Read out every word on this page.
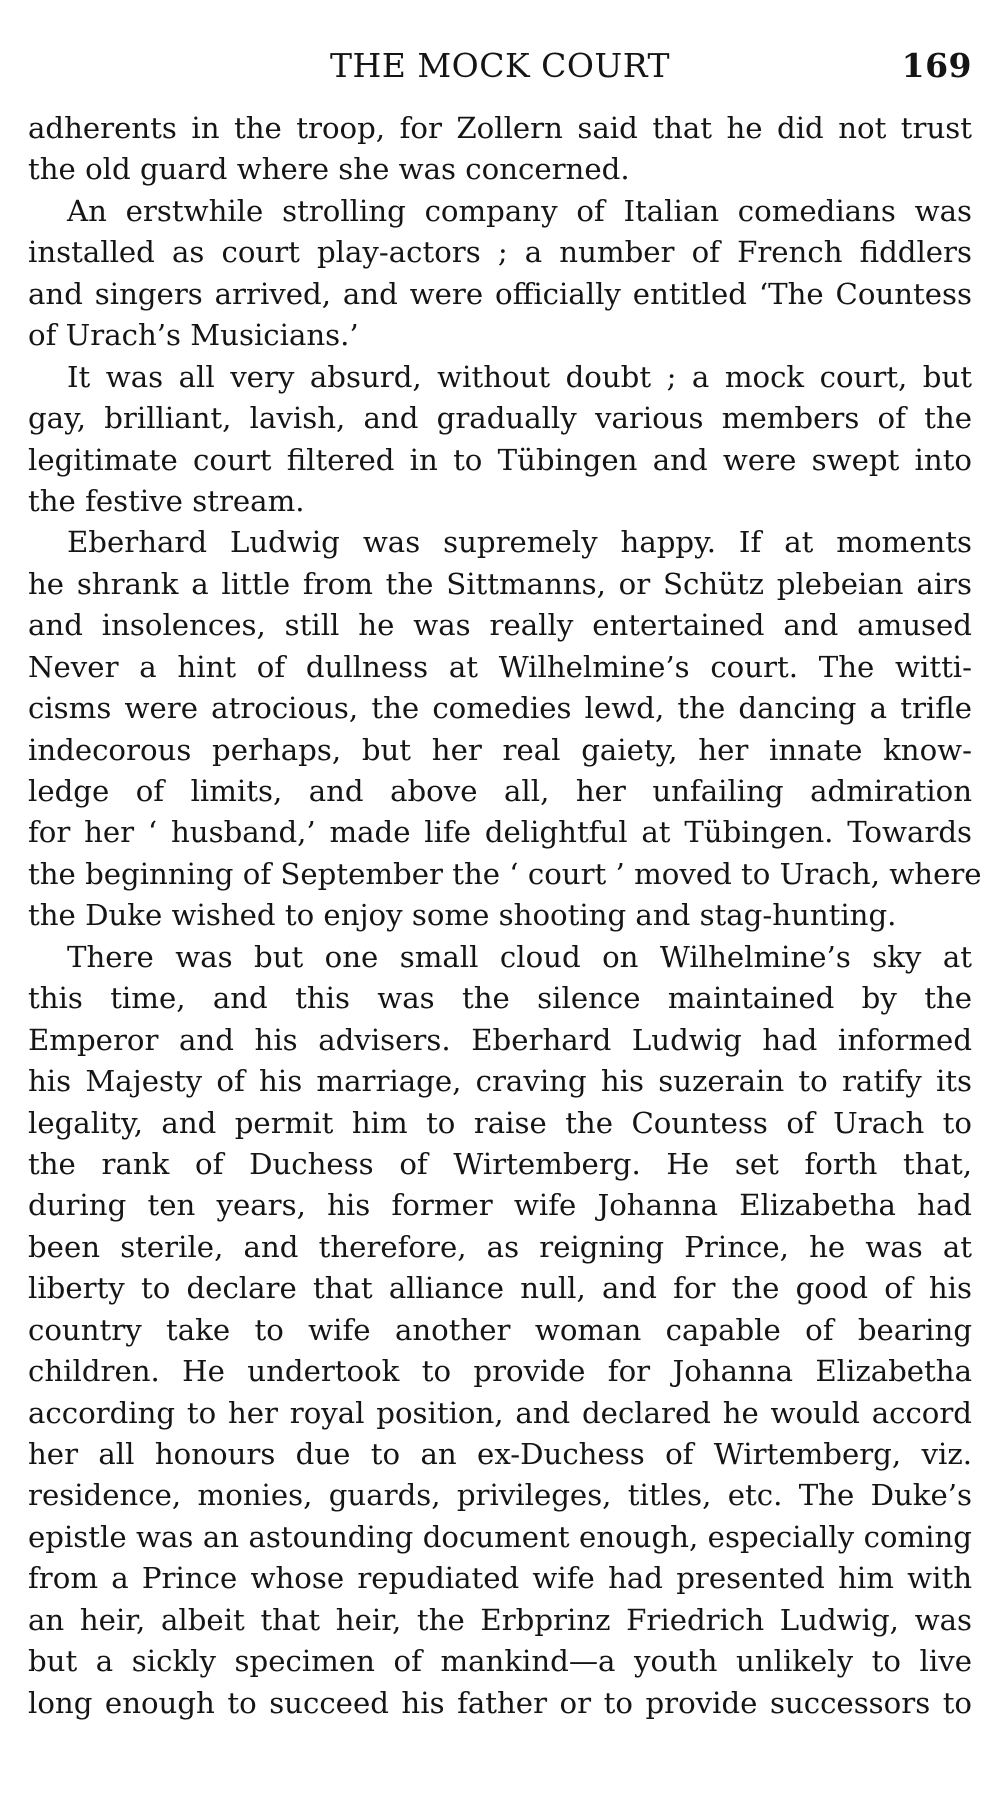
THE MOCK COURT	169
adherents in the troop, for Zollern said that he did not trust
the old guard where she was concerned.
An erstwhile strolling company of Italian comedians was
installed as court play-actors ; a number of French fiddlers
and singers arrived, and were officially entitled ‘The Countess
of Urach’s Musicians.’
It was all very absurd, without doubt ; a mock court, but
gay, brilliant, lavish, and gradually various members of the
legitimate court filtered in to Tübingen and were swept into
the festive stream.
Eberhard Ludwig was supremely happy. If at moments
he shrank a little from the Sittmanns, or Schütz plebeian airs
and insolences, still he was really entertained and amused
Never a hint of dullness at Wilhelmine’s court. The witti-
cisms were atrocious, the comedies lewd, the dancing a trifle
indecorous perhaps, but her real gaiety, her innate know-
ledge of limits, and above all, her unfailing admiration
for her ‘ husband,’ made life delightful at Tübingen. Towards
the beginning of September the ‘ court ’ moved to Urach, where
the Duke wished to enjoy some shooting and stag-hunting.
There was but one small cloud on Wilhelmine’s sky at
this time, and this was the silence maintained by the
Emperor and his advisers. Eberhard Ludwig had informed
his Majesty of his marriage, craving his suzerain to ratify its
legality, and permit him to raise the Countess of Urach to
the rank of Duchess of Wirtemberg. He set forth that,
during ten years, his former wife Johanna Elizabetha had
been sterile, and therefore, as reigning Prince, he was at
liberty to declare that alliance null, and for the good of his
country take to wife another woman capable of bearing
children. He undertook to provide for Johanna Elizabetha
according to her royal position, and declared he would accord
her all honours due to an ex-Duchess of Wirtemberg, viz.
residence, monies, guards, privileges, titles, etc. The Duke’s
epistle was an astounding document enough, especially coming
from a Prince whose repudiated wife had presented him with
an heir, albeit that heir, the Erbprinz Friedrich Ludwig, was
but a sickly specimen of mankind—a youth unlikely to live
long enough to succeed his father or to provide successors to
